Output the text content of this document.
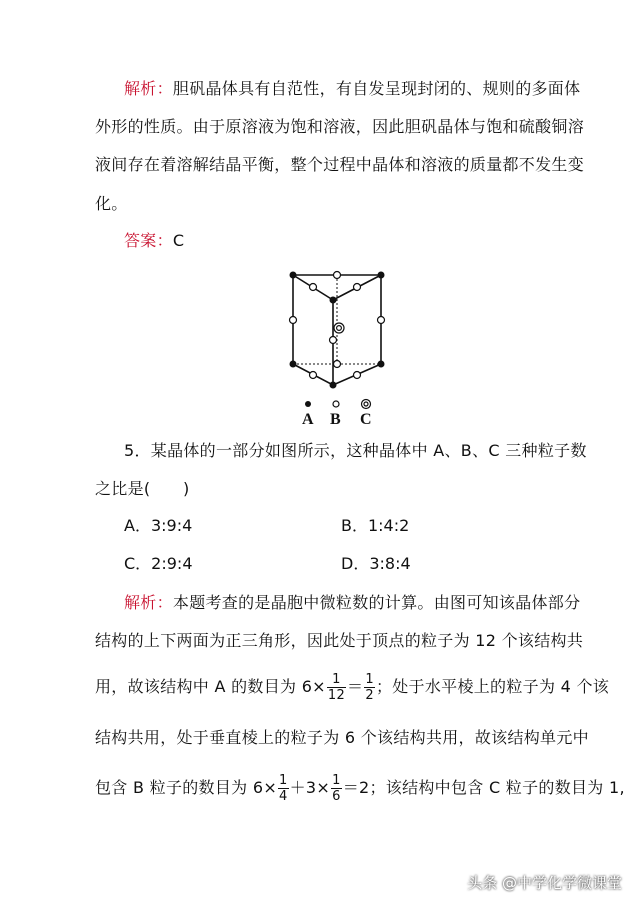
解析：胆矾晶体具有自范性，有自发呈现封闭的、规则的多面体
外形的性质。由于原溶液为饱和溶液，因此胆矾晶体与饱和硫酸铜溶
液间存在着溶解结晶平衡，整个过程中晶体和溶液的质量都不发生变
化。
答案：C
A B C
5．某晶体的一部分如图所示，这种晶体中 A、B、C 三种粒子数
之比是(　　)
A．3:9:4	B．1:4:2
C．2:9:4	D．3:8:4
解析：本题考查的是晶胞中微粒数的计算。由图可知该晶体部分
结构的上下两面为正三角形，因此处于顶点的粒子为 12 个该结构共
用，故该结构中 A 的数目为 $6\times \frac{1}{12} = \frac{1}{2}$ ；处于水平棱上的粒子为 4 个该
结构共用，处于垂直棱上的粒子为 6 个该结构共用，故该结构单元中
包含 B 粒子的数目为 $6\times \frac{1}{4} +3\times \frac{1}{6} =2$；该结构中包含 C 粒子的数目为 1,
头条 @中学化学微课堂
